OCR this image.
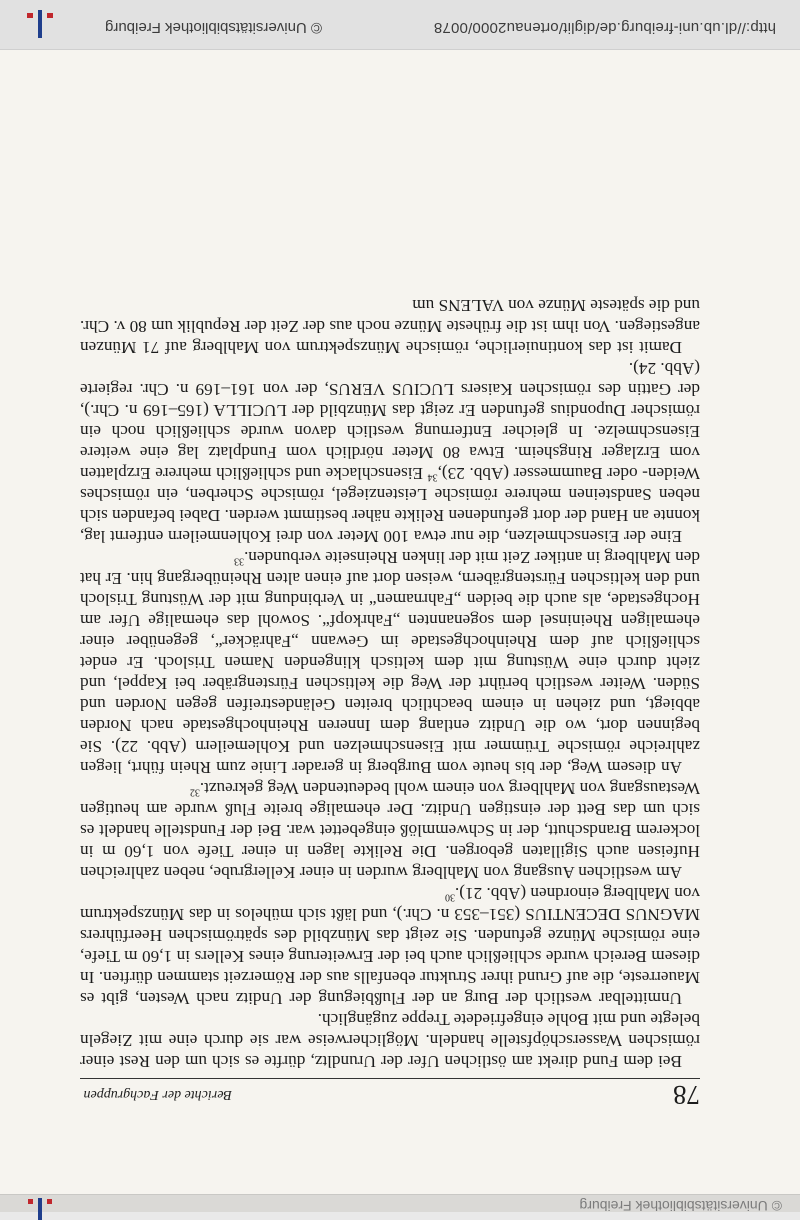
© Universitätsbibliothek Freiburg
78
Berichte der Fachgruppen

Bei dem Fund direkt am östlichen Ufer der Urundltz, dürfte es sich um den Rest einer römischen Wasserschöpfstelle handeln. Möglicherweise war sie durch eine mit Ziegeln belegte und mit Bohle eingefriedete Treppe zugänglich.

Unmittelbar westlich der Burg an der Flußbiegung der Unditz nach Westen, gibt es Mauerreste, die auf Grund ihrer Struktur ebenfalls aus der Römerzeit stammen dürften. In diesem Bereich wurde schließlich auch bei der Erweiterung eines Kellers in 1,60 m Tiefe, eine römische Münze gefunden. Sie zeigt das Münzbild des spätrömischen Heerführers MAGNUS DECENTIUS (351–353 n. Chr.), und läßt sich mühelos in das Münzspektrum von Mahlberg einordnen (Abb. 21).$^{30}$

Am westlichen Ausgang von Mahlberg wurden in einer Kellergrube, neben zahlreichen Hufeisen auch Sigillaten geborgen. Die Relikte lagen in einer Tiefe von 1,60 m in lockerem Brandschutt, der in Schwemmlöß eingebettet war. Bei der Fundstelle handelt es sich um das Bett der einstigen Unditz. Der ehemalige breite Fluß wurde am heutigen Westausgang von Mahlberg von einem wohl bedeutenden Weg gekreuzt.$^{32}$

An diesem Weg, der bis heute vom Burgberg in gerader Linie zum Rhein führt, liegen zahlreiche römische Trümmer mit Eisenschmelzen und Kohlemeilern (Abb. 22). Sie beginnen dort, wo die Unditz entlang dem Inneren Rheinhochgestade nach Norden abbiegt, und ziehen in einem beachtlich breiten Geländestreifen gegen Norden und Süden. Weiter westlich berührt der Weg die keltischen Fürstengräber bei Kappel, und zieht durch eine Wüstung mit dem keltisch klingenden Namen Trisloch. Er endet schließlich auf dem Rheinhochgestade im Gewann „Fahräcker“, gegenüber einer ehemaligen Rheininsel dem sogenannten „Fahrkopf“. Sowohl das ehemalige Ufer am Hochgestade, als auch die beiden „Fahrnamen“ in Verbindung mit der Wüstung Trisloch und den keltischen Fürstengräbern, weisen dort auf einen alten Rheinübergang hin. Er hat den Mahlberg in antiker Zeit mit der linken Rheinseite verbunden.$^{33}$

Eine der Eisenschmelzen, die nur etwa 100 Meter von drei Kohlenmeilern entfernt lag, konnte an Hand der dort gefundenen Relikte näher bestimmt werden. Dabei befanden sich neben Sandsteinen mehrere römische Leistenziegel, römische Scherben, ein römisches Weiden- oder Baummesser (Abb. 23),$^{34}$ Eisenschlacke und schließlich mehrere Erzplatten vom Erzlager Ringsheim. Etwa 80 Meter nördlich vom Fundplatz lag eine weitere Eisenschmelze. In gleicher Entfernung westlich davon wurde schließlich noch ein römischer Dupondius gefunden Er zeigt das Münzbild der LUCILLA (165–169 n. Chr.), der Gattin des römischen Kaisers LUCIUS VERUS, der von 161–169 n. Chr. regierte (Abb. 24).

Damit ist das kontinuierliche, römische Münzspektrum von Mahlberg auf 71 Münzen angestiegen. Von ihm ist die früheste Münze noch aus der Zeit der Republik um 80 v. Chr. und die späteste Münze von VALENS um

http://dl.ub.uni-freiburg.de/diglit/ortenau2000/0078
© Universitätsbibliothek Freiburg
